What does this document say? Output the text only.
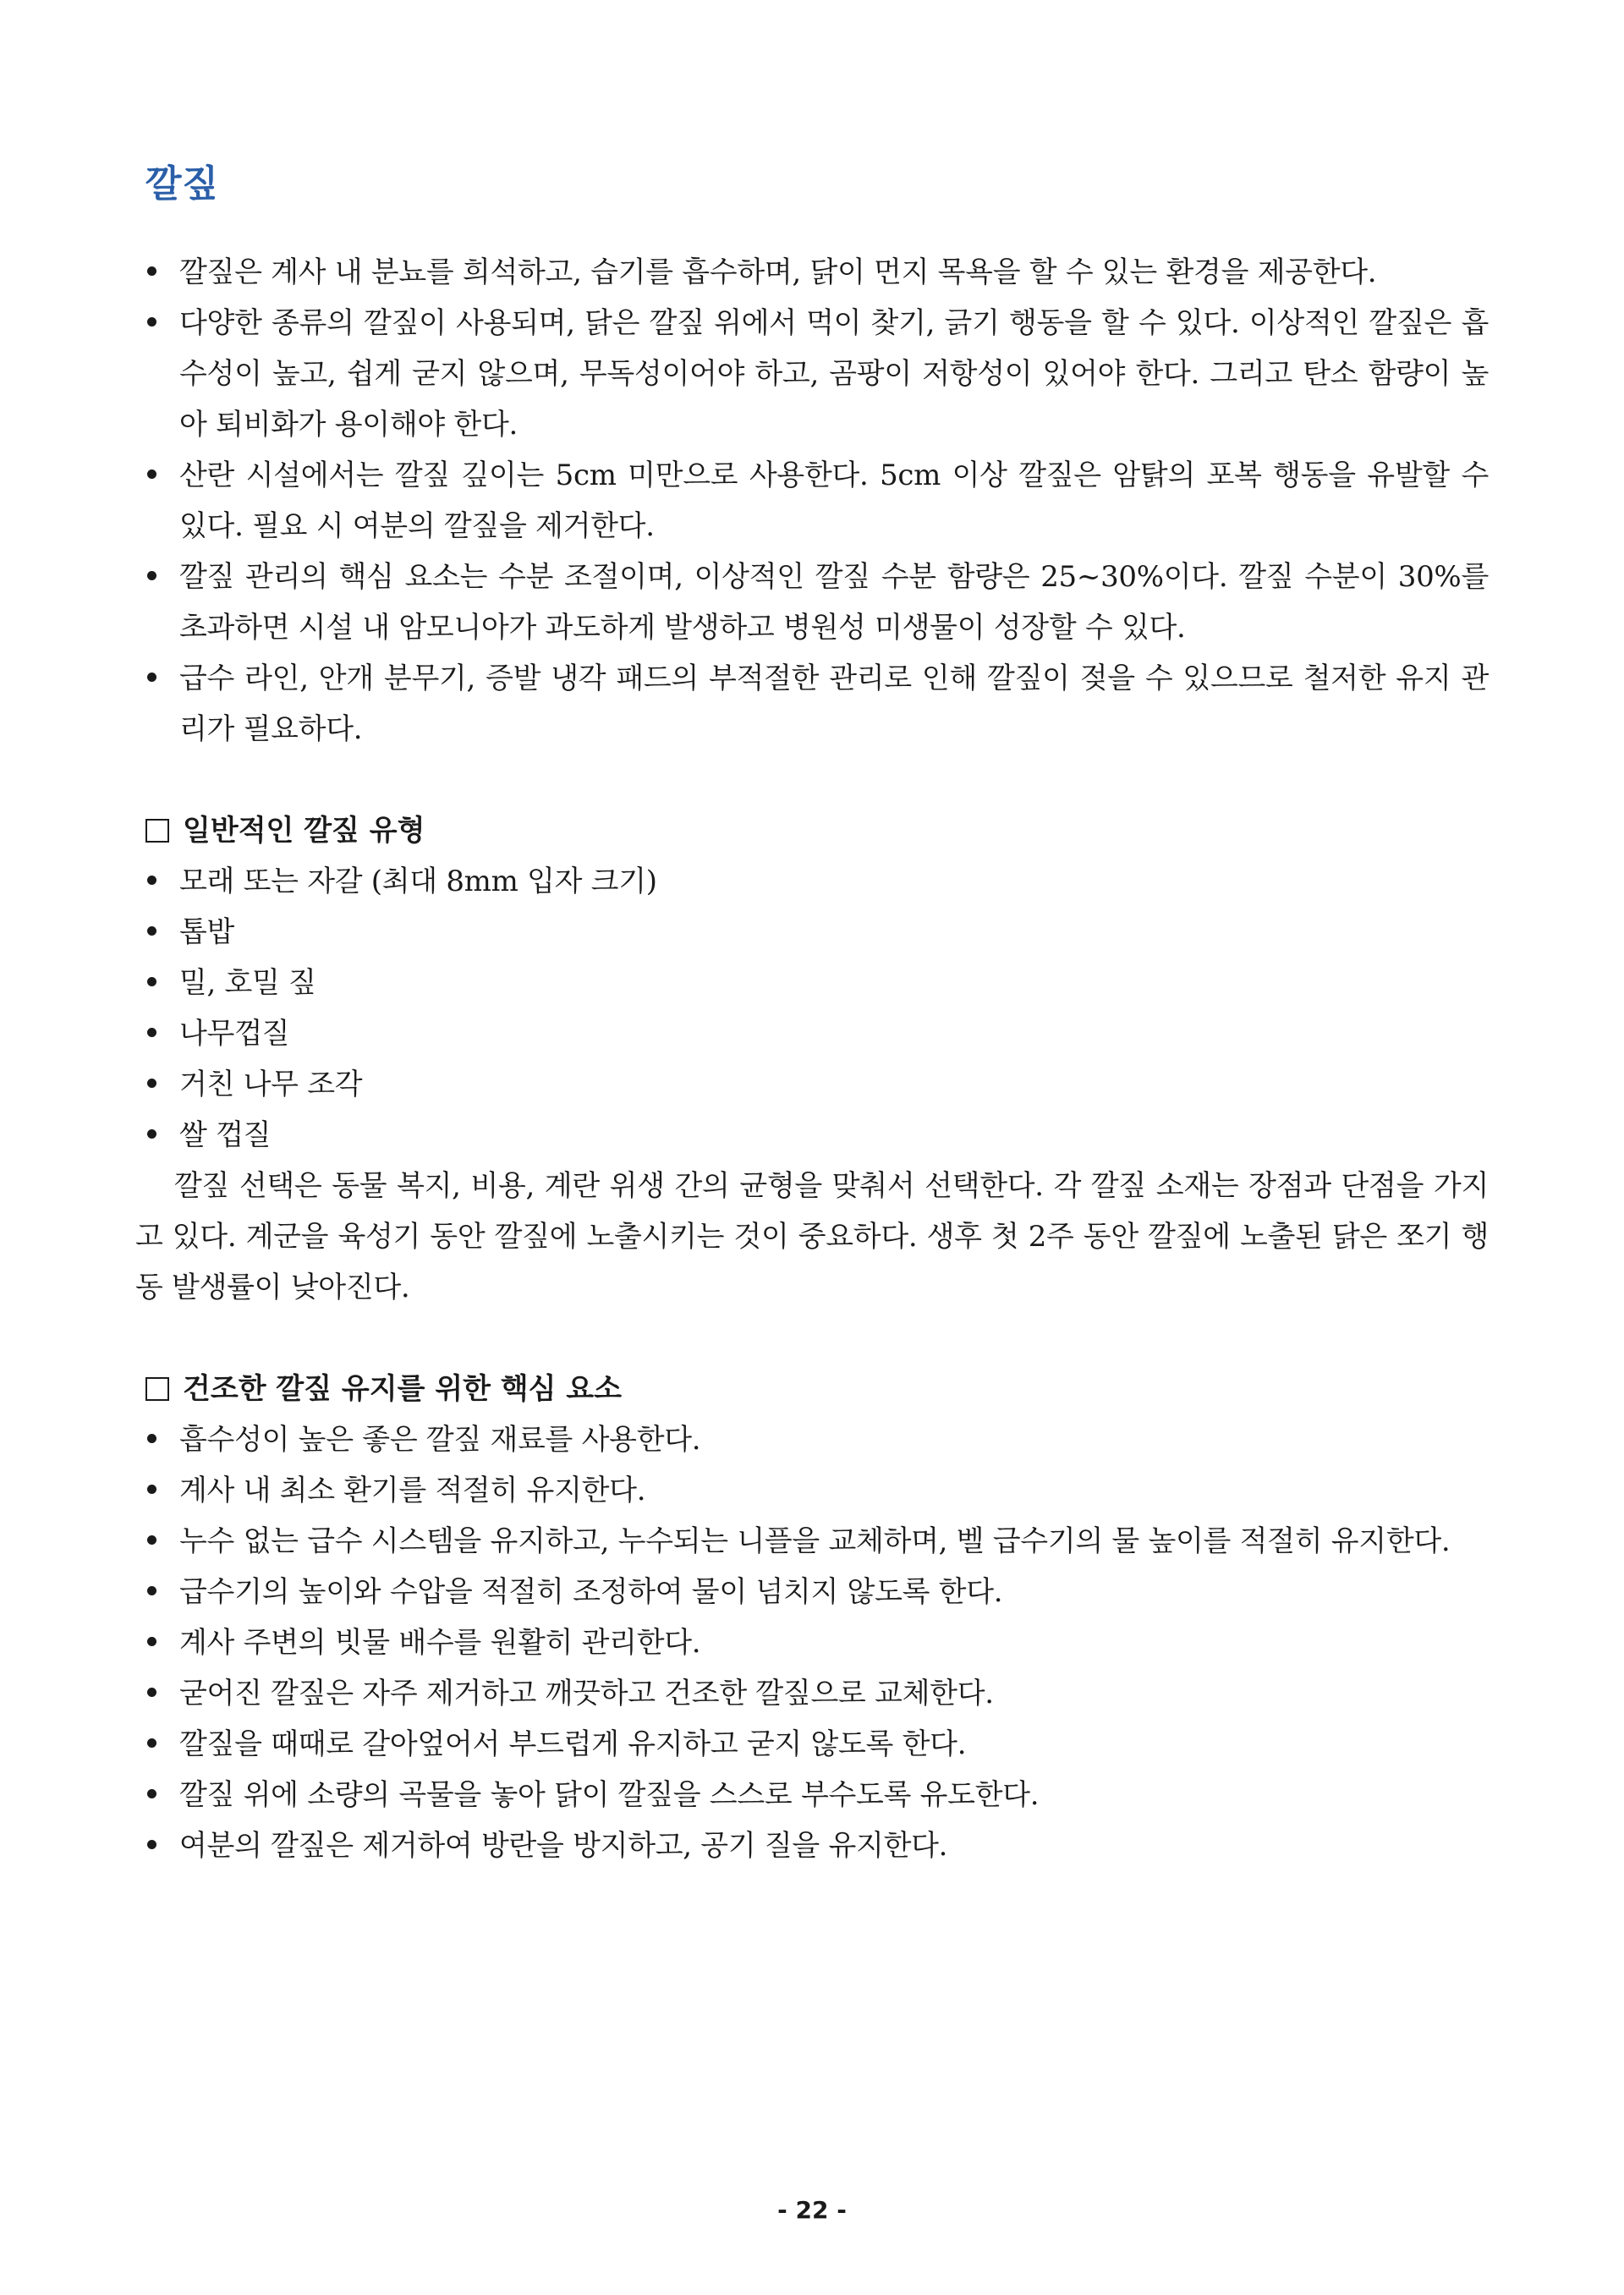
깔짚
깔짚은 계사 내 분뇨를 희석하고, 습기를 흡수하며, 닭이 먼지 목욕을 할 수 있는 환경을 제공한다.
다양한 종류의 깔짚이 사용되며, 닭은 깔짚 위에서 먹이 찾기, 긁기 행동을 할 수 있다. 이상적인 깔짚은 흡수성이 높고, 쉽게 굳지 않으며, 무독성이어야 하고, 곰팡이 저항성이 있어야 한다. 그리고 탄소 함량이 높아 퇴비화가 용이해야 한다.
산란 시설에서는 깔짚 깊이는 5cm 미만으로 사용한다. 5cm 이상 깔짚은 암탉의 포복 행동을 유발할 수 있다. 필요 시 여분의 깔짚을 제거한다.
깔짚 관리의 핵심 요소는 수분 조절이며, 이상적인 깔짚 수분 함량은 25~30%이다. 깔짚 수분이 30%를 초과하면 시설 내 암모니아가 과도하게 발생하고 병원성 미생물이 성장할 수 있다.
급수 라인, 안개 분무기, 증발 냉각 패드의 부적절한 관리로 인해 깔짚이 젖을 수 있으므로 철저한 유지 관리가 필요하다.
일반적인 깔짚 유형
모래 또는 자갈 (최대 8mm 입자 크기)
톱밥
밀, 호밀 짚
나무껍질
거친 나무 조각
쌀 껍질

깔짚 선택은 동물 복지, 비용, 계란 위생 간의 균형을 맞춰서 선택한다. 각 깔짚 소재는 장점과 단점을 가지고 있다. 계군을 육성기 동안 깔짚에 노출시키는 것이 중요하다. 생후 첫 2주 동안 깔짚에 노출된 닭은 쪼기 행동 발생률이 낮아진다.

건조한 깔짚 유지를 위한 핵심 요소
흡수성이 높은 좋은 깔짚 재료를 사용한다.
계사 내 최소 환기를 적절히 유지한다.
누수 없는 급수 시스템을 유지하고, 누수되는 니플을 교체하며, 벨 급수기의 물 높이를 적절히 유지한다.
급수기의 높이와 수압을 적절히 조정하여 물이 넘치지 않도록 한다.
계사 주변의 빗물 배수를 원활히 관리한다.
굳어진 깔짚은 자주 제거하고 깨끗하고 건조한 깔짚으로 교체한다.
깔짚을 때때로 갈아엎어서 부드럽게 유지하고 굳지 않도록 한다.
깔짚 위에 소량의 곡물을 놓아 닭이 깔짚을 스스로 부수도록 유도한다.
여분의 깔짚은 제거하여 방란을 방지하고, 공기 질을 유지한다.
- 22 -
